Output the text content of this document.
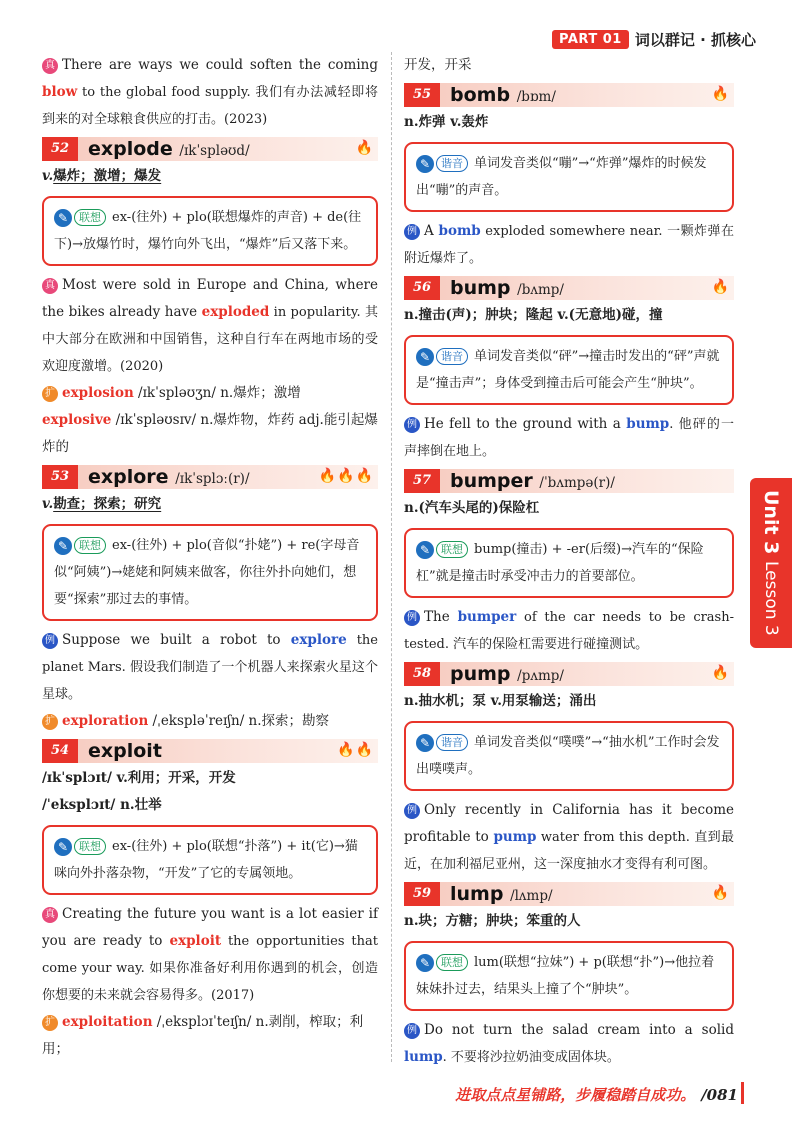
PART 01 词以群记 · 抓核心

真 There are ways we could soften the coming blow to the global food supply. 我们有办法减轻即将到来的对全球粮食供应的打击。(2023)

52 explode /ɪkˈsplǝʊd/	🔥

v.爆炸；激增；爆发

✎ 联想 ex-(往外) + plo(联想爆炸的声音) + de(往下)→放爆竹时，爆竹向外飞出，“爆炸”后又落下来。

真 Most were sold in Europe and China, where the bikes already have exploded in popularity. 其中大部分在欧洲和中国销售，这种自行车在两地市场的受欢迎度激增。(2020)

扩 explosion /ɪkˈsplǝʊʒn/ n.爆炸；激增

explosive /ɪkˈsplǝʊsɪv/ n.爆炸物，炸药 adj.能引起爆炸的

53 explore /ɪkˈsplɔː(r)/	🔥🔥🔥

v.勘查；探索；研究

✎ 联想 ex-(往外) + plo(音似“扑姥”) + re(字母音似“阿姨”)→姥姥和阿姨来做客，你往外扑向她们，想要“探索”那过去的事情。

例 Suppose we built a robot to explore the planet Mars. 假设我们制造了一个机器人来探索火星这个星球。

扩 exploration /ˌekspləˈreɪʃn/ n.探索；勘察

54 exploit	🔥🔥

/ɪkˈsplɔɪt/ v.利用；开采，开发

/ˈeksplɔɪt/ n.壮举

✎ 联想 ex-(往外) + plo(联想“扑落”) + it(它)→猫咪向外扑落杂物，“开发”了它的专属领地。

真 Creating the future you want is a lot easier if you are ready to exploit the opportunities that come your way. 如果你准备好利用你遇到的机会，创造你想要的未来就会容易得多。(2017)

扩 exploitation /ˌeksplɔɪˈteɪʃn/ n.剥削，榨取；利用；

开发，开采

55 bomb /bɒm/	🔥

n.炸弹 v.轰炸

✎ 谐音 单词发音类似“嘣”→“炸弹”爆炸的时候发出“嘣”的声音。

例 A bomb exploded somewhere near. 一颗炸弹在附近爆炸了。

56 bump /bʌmp/	🔥

n.撞击(声)；肿块；隆起 v.(无意地)碰，撞

✎ 谐音 单词发音类似“砰”→撞击时发出的“砰”声就是“撞击声”；身体受到撞击后可能会产生“肿块”。

例 He fell to the ground with a bump. 他砰的一声摔倒在地上。

57 bumper /ˈbʌmpə(r)/

n.(汽车头尾的)保险杠

✎ 联想 bump(撞击) + -er(后缀)→汽车的“保险杠”就是撞击时承受冲击力的首要部位。

例 The bumper of the car needs to be crash-tested. 汽车的保险杠需要进行碰撞测试。

58 pump /pʌmp/	🔥

n.抽水机；泵 v.用泵输送；涌出

✎ 谐音 单词发音类似“噗噗”→“抽水机”工作时会发出噗噗声。

例 Only recently in California has it become profitable to pump water from this depth. 直到最近，在加利福尼亚州，这一深度抽水才变得有利可图。

59 lump /lʌmp/	🔥

n.块；方糖；肿块；笨重的人

✎ 联想 lum(联想“拉妹”) + p(联想“扑”)→他拉着妹妹扑过去，结果头上撞了个“肿块”。

例 Do not turn the salad cream into a solid lump. 不要将沙拉奶油变成固体块。

Unit 3
Lesson 3
进取点点星铺路，步履稳踏自成功。 /081
